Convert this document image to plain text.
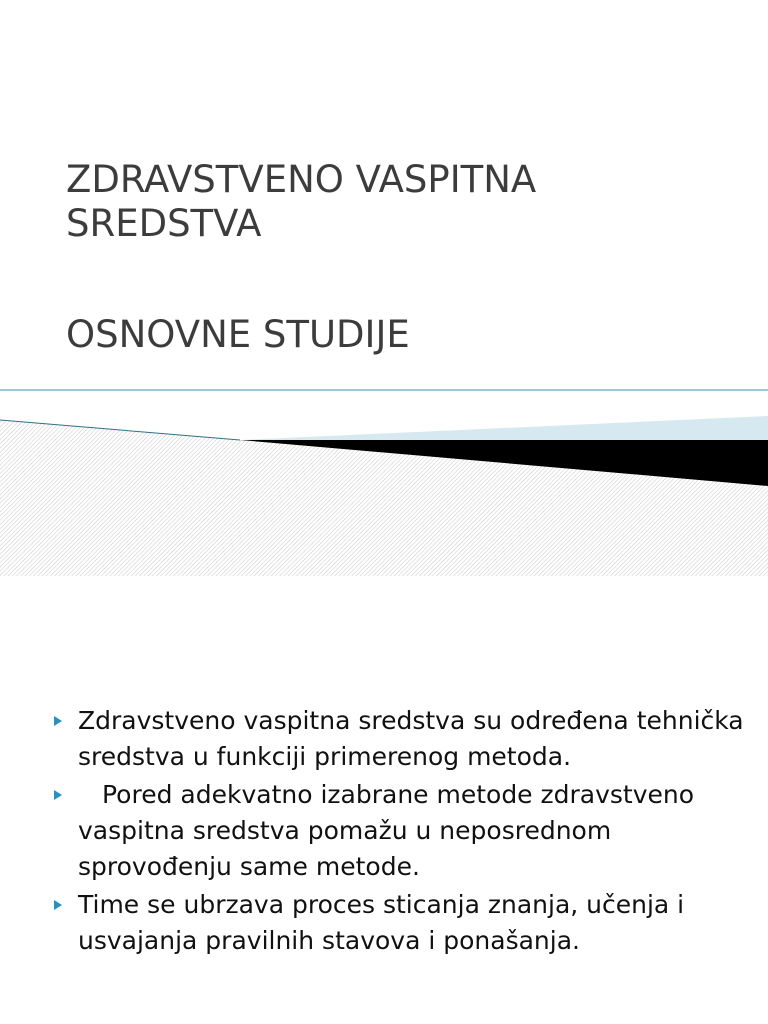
ZDRAVSTVENO VASPITNA
SREDSTVA
OSNOVNE STUDIJE
Zdravstveno vaspitna sredstva su određena tehnička sredstva u funkciji primerenog metoda.
Pored adekvatno izabrane metode zdravstveno vaspitna sredstva pomažu u neposrednom sprovođenju same metode.
Time se ubrzava proces sticanja znanja, učenja i usvajanja pravilnih stavova i ponašanja.
